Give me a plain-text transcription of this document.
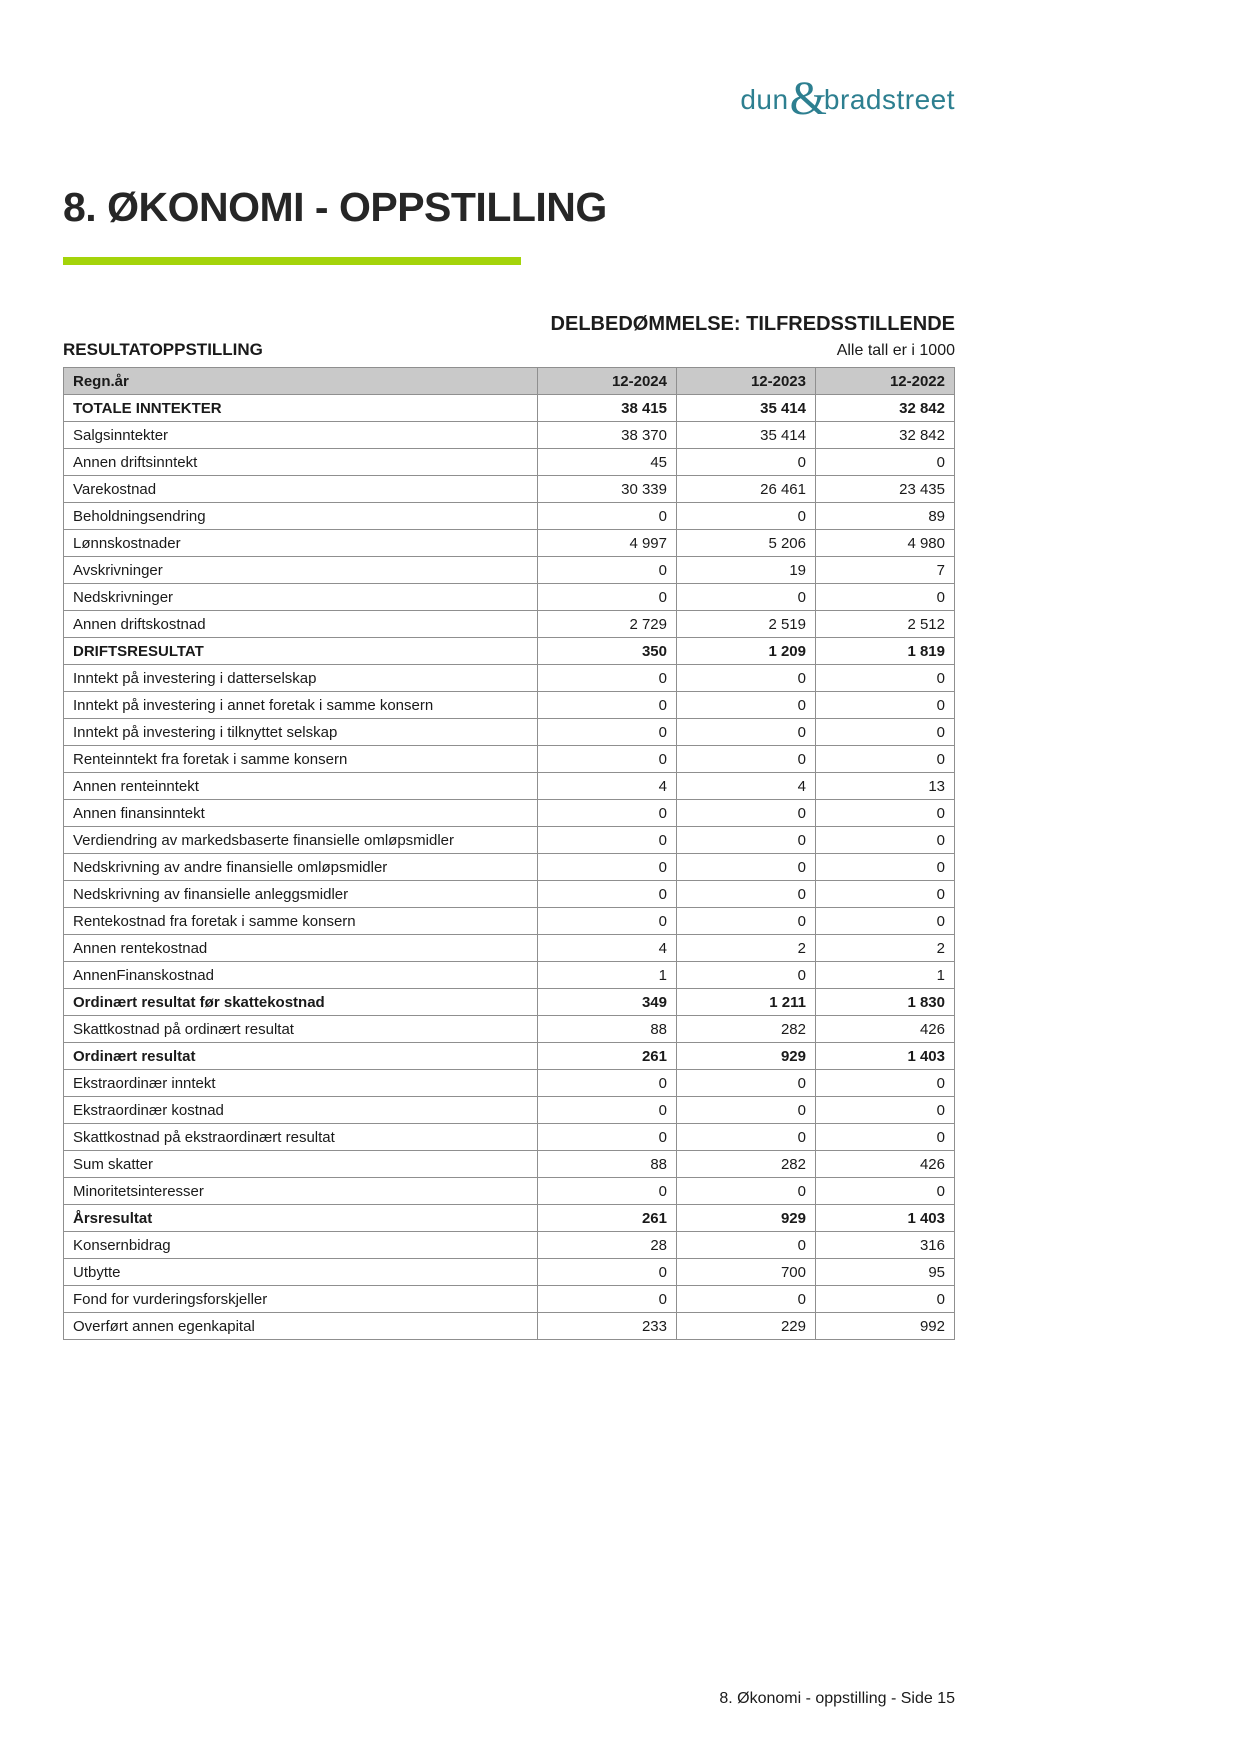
dun&bradstreet
8. ØKONOMI - OPPSTILLING
DELBEDØMMELSE: TILFREDSSTILLENDE
RESULTATOPPSTILLING	Alle tall er i 1000
Regn.år	12-2024	12-2023	12-2022
TOTALE INNTEKTER	38 415	35 414	32 842
Salgsinntekter	38 370	35 414	32 842
Annen driftsinntekt	45	0	0
Varekostnad	30 339	26 461	23 435
Beholdningsendring	0	0	89
Lønnskostnader	4 997	5 206	4 980
Avskrivninger	0	19	7
Nedskrivninger	0	0	0
Annen driftskostnad	2 729	2 519	2 512
DRIFTSRESULTAT	350	1 209	1 819
Inntekt på investering i datterselskap	0	0	0
Inntekt på investering i annet foretak i samme konsern	0	0	0
Inntekt på investering i tilknyttet selskap	0	0	0
Renteinntekt fra foretak i samme konsern	0	0	0
Annen renteinntekt	4	4	13
Annen finansinntekt	0	0	0
Verdiendring av markedsbaserte finansielle omløpsmidler	0	0	0
Nedskrivning av andre finansielle omløpsmidler	0	0	0
Nedskrivning av finansielle anleggsmidler	0	0	0
Rentekostnad fra foretak i samme konsern	0	0	0
Annen rentekostnad	4	2	2
AnnenFinanskostnad	1	0	1
Ordinært resultat før skattekostnad	349	1 211	1 830
Skattkostnad på ordinært resultat	88	282	426
Ordinært resultat	261	929	1 403
Ekstraordinær inntekt	0	0	0
Ekstraordinær kostnad	0	0	0
Skattkostnad på ekstraordinært resultat	0	0	0
Sum skatter	88	282	426
Minoritetsinteresser	0	0	0
Årsresultat	261	929	1 403
Konsernbidrag	28	0	316
Utbytte	0	700	95
Fond for vurderingsforskjeller	0	0	0
Overført annen egenkapital	233	229	992
8. Økonomi - oppstilling - Side 15
